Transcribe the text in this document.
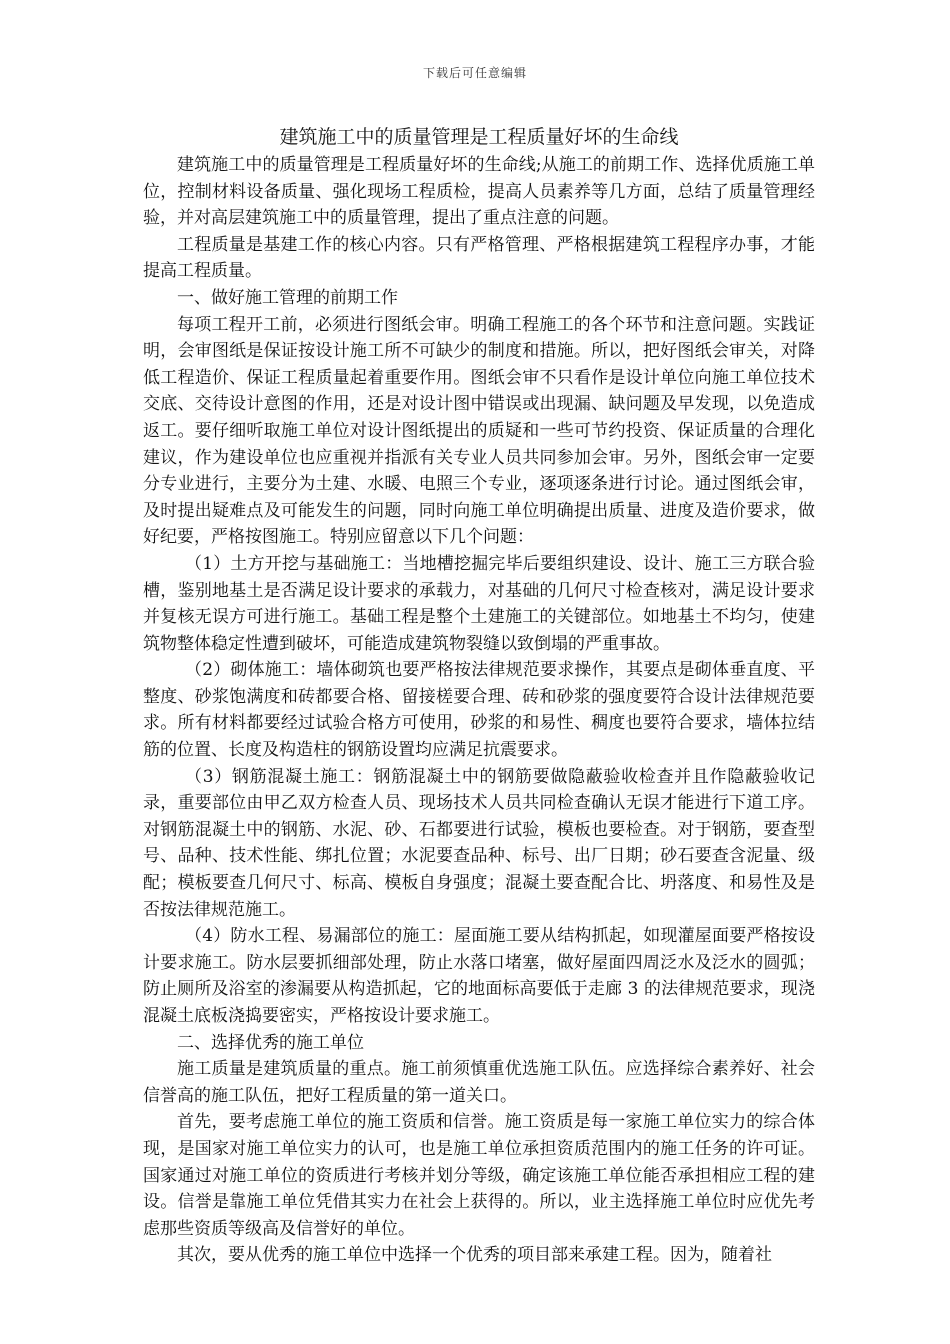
下载后可任意编辑
建筑施工中的质量管理是工程质量好坏的生命线

建筑施工中的质量管理是工程质量好坏的生命线;从施工的前期工作、选择优质施工单位，控制材料设备质量、强化现场工程质检，提高人员素养等几方面，总结了质量管理经验，并对高层建筑施工中的质量管理，提出了重点注意的问题。

工程质量是基建工作的核心内容。只有严格管理、严格根据建筑工程程序办事，才能提高工程质量。

一、做好施工管理的前期工作

每项工程开工前，必须进行图纸会审。明确工程施工的各个环节和注意问题。实践证明，会审图纸是保证按设计施工所不可缺少的制度和措施。所以，把好图纸会审关，对降低工程造价、保证工程质量起着重要作用。图纸会审不只看作是设计单位向施工单位技术交底、交待设计意图的作用，还是对设计图中错误或出现漏、缺问题及早发现，以免造成返工。要仔细听取施工单位对设计图纸提出的质疑和一些可节约投资、保证质量的合理化建议，作为建设单位也应重视并指派有关专业人员共同参加会审。另外，图纸会审一定要分专业进行，主要分为土建、水暖、电照三个专业，逐项逐条进行讨论。通过图纸会审，及时提出疑难点及可能发生的问题，同时向施工单位明确提出质量、进度及造价要求，做好纪要，严格按图施工。特别应留意以下几个问题：

（1）土方开挖与基础施工：当地槽挖掘完毕后要组织建设、设计、施工三方联合验槽，鉴别地基土是否满足设计要求的承载力，对基础的几何尺寸检查核对，满足设计要求并复核无误方可进行施工。基础工程是整个土建施工的关键部位。如地基土不均匀，使建筑物整体稳定性遭到破坏，可能造成建筑物裂缝以致倒塌的严重事故。

（2）砌体施工：墙体砌筑也要严格按法律规范要求操作，其要点是砌体垂直度、平整度、砂浆饱满度和砖都要合格、留接槎要合理、砖和砂浆的强度要符合设计法律规范要求。所有材料都要经过试验合格方可使用，砂浆的和易性、稠度也要符合要求，墙体拉结筋的位置、长度及构造柱的钢筋设置均应满足抗震要求。

（3）钢筋混凝土施工：钢筋混凝土中的钢筋要做隐蔽验收检查并且作隐蔽验收记录，重要部位由甲乙双方检查人员、现场技术人员共同检查确认无误才能进行下道工序。对钢筋混凝土中的钢筋、水泥、砂、石都要进行试验，模板也要检查。对于钢筋，要查型号、品种、技术性能、绑扎位置；水泥要查品种、标号、出厂日期；砂石要查含泥量、级配；模板要查几何尺寸、标高、模板自身强度；混凝土要查配合比、坍落度、和易性及是否按法律规范施工。

（4）防水工程、易漏部位的施工：屋面施工要从结构抓起，如现灌屋面要严格按设计要求施工。防水层要抓细部处理，防止水落口堵塞，做好屋面四周泛水及泛水的圆弧；防止厕所及浴室的渗漏要从构造抓起，它的地面标高要低于走廊 3 的法律规范要求，现浇混凝土底板浇捣要密实，严格按设计要求施工。

二、选择优秀的施工单位

施工质量是建筑质量的重点。施工前须慎重优选施工队伍。应选择综合素养好、社会信誉高的施工队伍，把好工程质量的第一道关口。

首先，要考虑施工单位的施工资质和信誉。施工资质是每一家施工单位实力的综合体现，是国家对施工单位实力的认可，也是施工单位承担资质范围内的施工任务的许可证。国家通过对施工单位的资质进行考核并划分等级，确定该施工单位能否承担相应工程的建设。信誉是靠施工单位凭借其实力在社会上获得的。所以，业主选择施工单位时应优先考虑那些资质等级高及信誉好的单位。

其次，要从优秀的施工单位中选择一个优秀的项目部来承建工程。因为，随着社
